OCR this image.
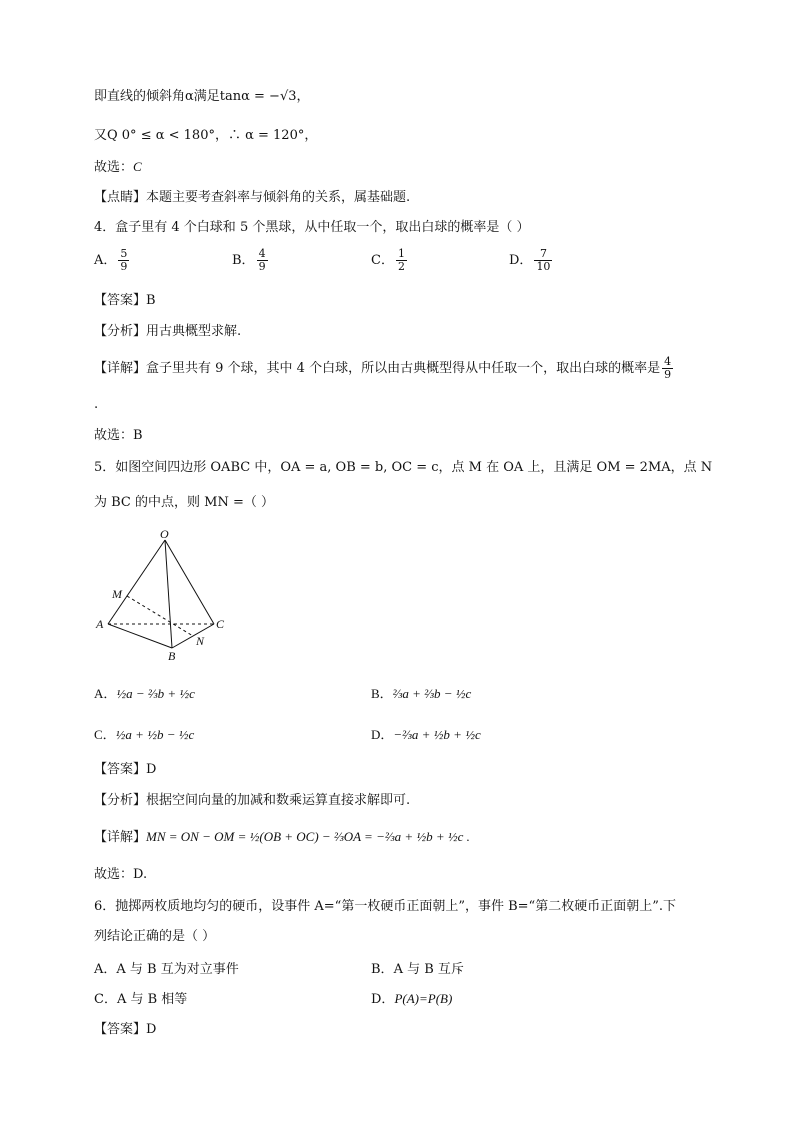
即直线的倾斜角α满足tanα = −√3，
又Q 0° ≤ α < 180°，∴ α = 120°，
故选：C
【点睛】本题主要考查斜率与倾斜角的关系，属基础题.
4．盒子里有 4 个白球和 5 个黑球，从中任取一个，取出白球的概率是（ ）
A． $\frac{5}{9}$	B． $\frac{4}{9}$	C． $\frac{1}{2}$	D． $\frac{7}{10}$
【答案】B
【分析】用古典概型求解.
【详解】盒子里共有 9 个球，其中 4 个白球，所以由古典概型得从中任取一个，取出白球的概率是 $\frac{4}{9}$
.
故选：B
5．如图空间四边形 OABC 中，OA = a, OB = b, OC = c，点 M 在 OA 上，且满足 OM = 2MA，点 N
为 BC 的中点，则 MN =（ ）
O
M
A
B
C
N
A．½a − ⅔b + ½c	B．⅔a + ⅔b − ½c
C．½a + ½b − ½c	D．−⅔a + ½b + ½c
【答案】D
【分析】根据空间向量的加减和数乘运算直接求解即可.
【详解】MN = ON − OM = ½(OB + OC) − ⅔OA = −⅔a + ½b + ½c .
故选：D.
6．抛掷两枚质地均匀的硬币，设事件 A=“第一枚硬币正面朝上”，事件 B=“第二枚硬币正面朝上”.下
列结论正确的是（ ）
A．A 与 B 互为对立事件	B．A 与 B 互斥
C．A 与 B 相等	D．P(A)=P(B)
【答案】D
